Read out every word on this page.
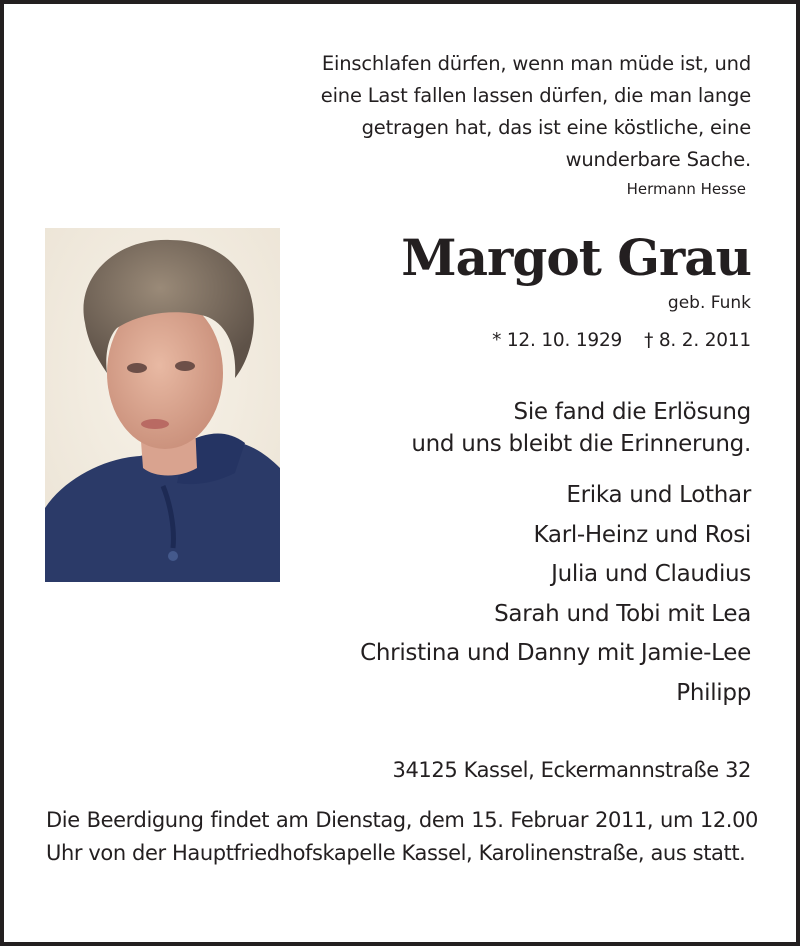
Einschlafen dürfen, wenn man müde ist, und
eine Last fallen lassen dürfen, die man lange
getragen hat, das ist eine köstliche, eine
wunderbare Sache.
Hermann Hesse
Margot Grau
geb. Funk
* 12. 10. 1929 † 8. 2. 2011
Sie fand die Erlösung
und uns bleibt die Erinnerung.
Erika und Lothar
Karl-Heinz und Rosi
Julia und Claudius
Sarah und Tobi mit Lea
Christina und Danny mit Jamie-Lee
Philipp
34125 Kassel, Eckermannstraße 32
Die Beerdigung findet am Dienstag, dem 15. Februar 2011, um 12.00 Uhr von der Hauptfriedhofskapelle Kassel, Karolinenstraße, aus statt.
